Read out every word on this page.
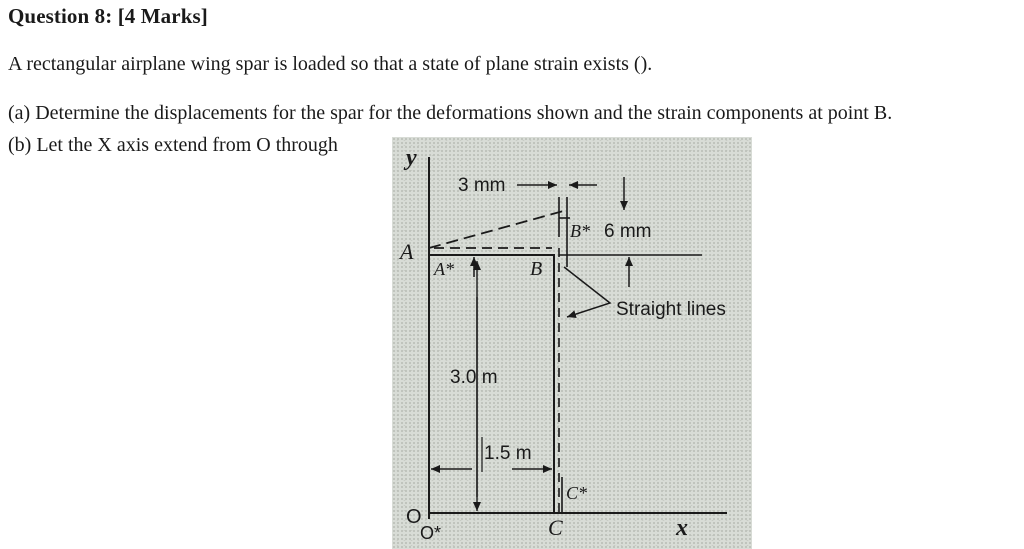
Question 8: [4 Marks]
A rectangular airplane wing spar is loaded so that a state of plane strain exists ().
(a) Determine the displacements for the spar for the deformations shown and the strain components at point B.
(b) Let the X axis extend from O through	y
x
A
A*	B
B*
C
C*
O
O*
3 mm
6 mm
3.0 m
1.5 m
Straight lines
